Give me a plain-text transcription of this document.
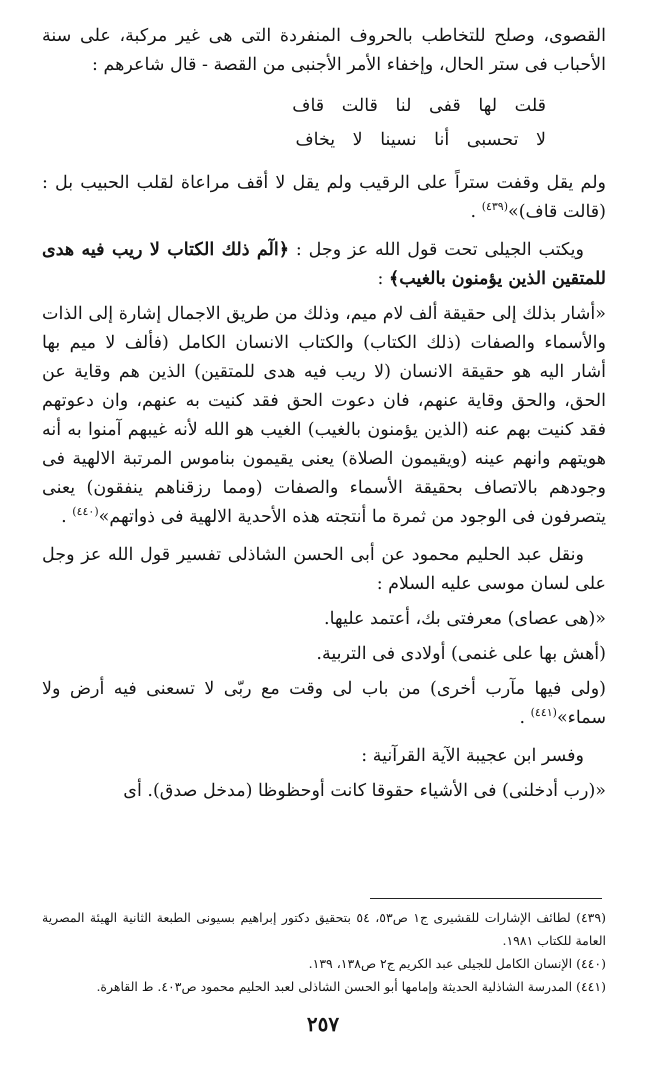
القصوى، وصلح للتخاطب بالحروف المنفردة التى هى غير مركبة، على سنة الأحباب فى ستر الحال، وإخفاء الأمر الأجنبى من القصة - قال شاعرهم :

قلت لها قفى لنا قالت قاف
لا تحسبى أنا نسينا لا يخاف

ولم يقل وقفت ستراً على الرقيب ولم يقل لا أقف مراعاة لقلب الحبيب بل : (قالت قاف)»$^{(٤٣٩)}$ .

ويكتب الجيلى تحت قول الله عز وجل : ﴿الٓم ذلك الكتاب لا ريب فيه هدى للمتقين الذين يؤمنون بالغيب﴾ :

«أشار بذلك إلى حقيقة ألف لام ميم، وذلك من طريق الاجمال إشارة إلى الذات والأسماء والصفات (ذلك الكتاب) والكتاب الانسان الكامل (فألف لا ميم بها أشار اليه هو حقيقة الانسان (لا ريب فيه هدى للمتقين) الذين هم وقاية عن الحق، والحق وقاية عنهم، فان دعوت الحق فقد كنيت به عنهم، وان دعوتهم فقد كنيت بهم عنه (الذين يؤمنون بالغيب) الغيب هو الله لأنه غيبهم آمنوا به أنه هويتهم وانهم عينه (ويقيمون الصلاة) يعنى يقيمون بناموس المرتبة الالهية فى وجودهم بالاتصاف بحقيقة الأسماء والصفات (ومما رزقناهم ينفقون) يعنى يتصرفون فى الوجود من ثمرة ما أنتجته هذه الأحدية الالهية فى ذواتهم»$^{(٤٤٠)}$ .

ونقل عبد الحليم محمود عن أبى الحسن الشاذلى تفسير قول الله عز وجل على لسان موسى عليه السلام :

«(هى عصاى) معرفتى بك، أعتمد عليها.

(أهش بها على غنمى) أولادى فى التربية.

(ولى فيها مآرب أخرى) من باب لى وقت مع ربّى لا تسعنى فيه أرض ولا سماء»$^{(٤٤١)}$ .

وفسر ابن عجيبة الآية القرآنية :

«(رب أدخلنى) فى الأشياء حقوقا كانت أوحظوظا (مدخل صدق). أى

(٤٣٩) لطائف الإشارات للقشيرى ج١ ص٥٣، ٥٤ بتحقيق دكتور إبراهيم بسيونى الطبعة الثانية الهيئة المصرية العامة للكتاب ١٩٨١.

(٤٤٠) الإنسان الكامل للجيلى عبد الكريم ج٢ ص١٣٨، ١٣٩.

(٤٤١) المدرسة الشاذلية الحديثة وإمامها أبو الحسن الشاذلى لعبد الحليم محمود ص٤٠٣. ط القاهرة.

٢٥٧
